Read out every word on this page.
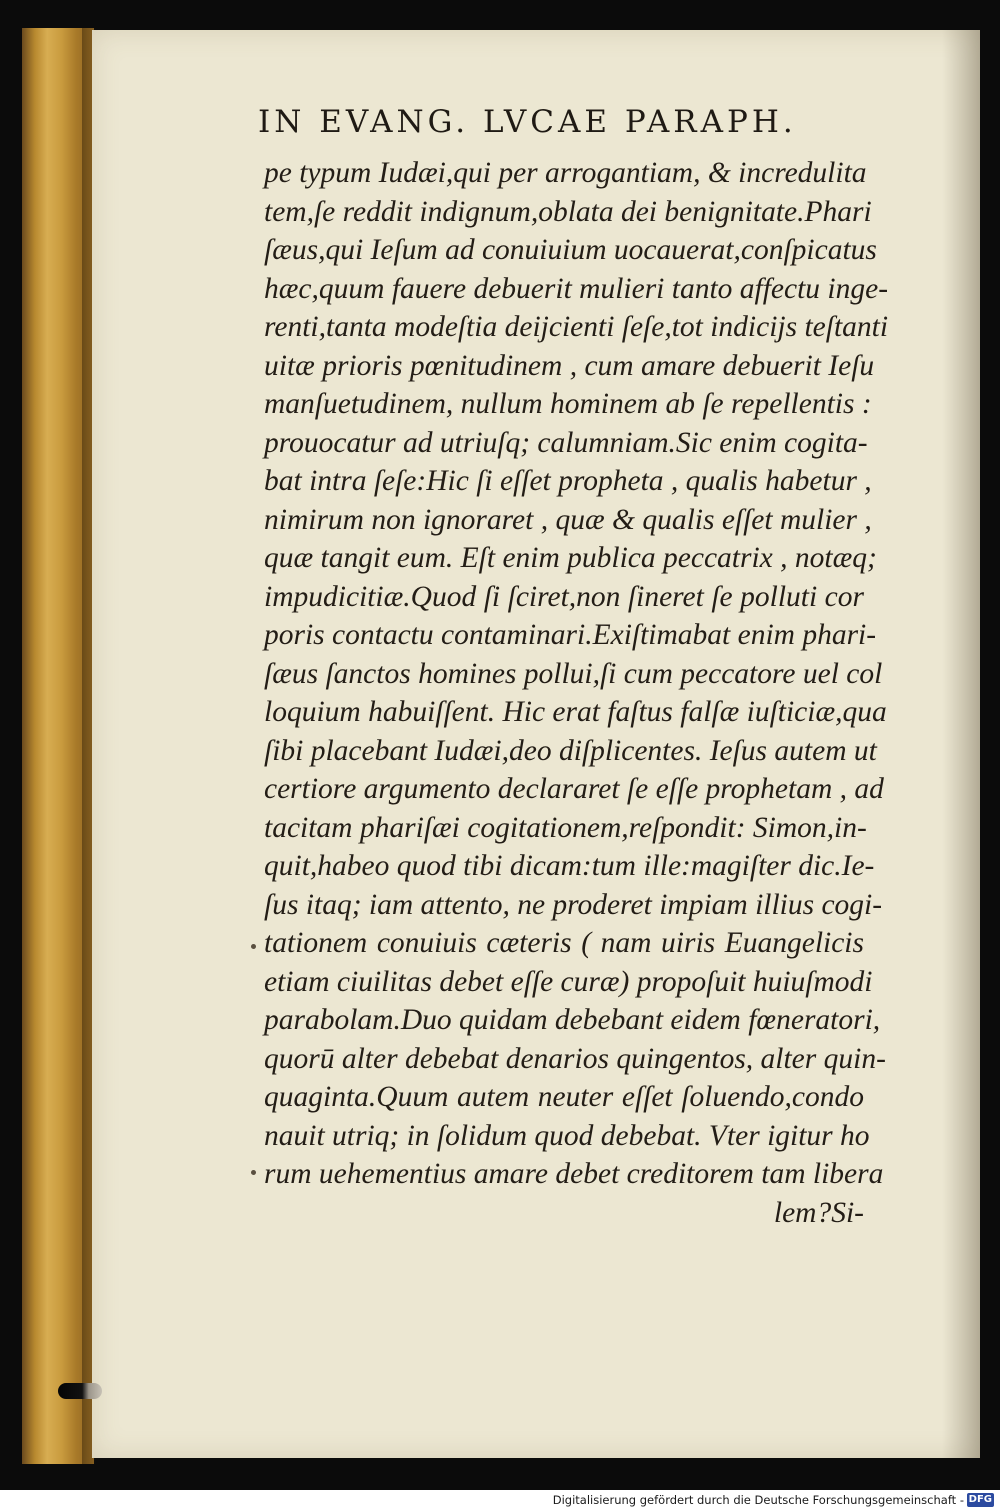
IN EVANG. LVCAE PARAPH.
pe typum Iudæi,qui per arrogantiam, & incredulita
tem,ſe reddit indignum,oblata dei benignitate.Phari
ſæus,qui Ieſum ad conuiuium uocauerat,conſpicatus
hæc,quum fauere debuerit mulieri tanto affectu inge-
renti,tanta modeſtia deijcienti ſeſe,tot indicijs teſtanti
uitæ prioris pœnitudinem , cum amare debuerit Ieſu
manſuetudinem, nullum hominem ab ſe repellentis :
prouocatur ad utriuſq; calumniam.Sic enim cogita-
bat intra ſeſe:Hic ſi eſſet propheta , qualis habetur ,
nimirum non ignoraret , quæ & qualis eſſet mulier ,
quæ tangit eum. Eſt enim publica peccatrix , notæq;
impudicitiæ.Quod ſi ſciret,non ſineret ſe polluti cor
poris contactu contaminari.Exiſtimabat enim phari-
ſæus ſanctos homines pollui,ſi cum peccatore uel col
loquium habuiſſent. Hic erat faſtus falſæ iuſticiæ,qua
ſibi placebant Iudæi,deo diſplicentes. Ieſus autem ut
certiore argumento declararet ſe eſſe prophetam , ad
tacitam phariſæi cogitationem,reſpondit: Simon,in-
quit,habeo quod tibi dicam:tum ille:magiſter dic.Ie-
ſus itaq; iam attento, ne proderet impiam illius cogi-
tationem conuiuis cæteris ( nam uiris Euangelicis
etiam ciuilitas debet eſſe curæ) propoſuit huiuſmodi
parabolam.Duo quidam debebant eidem fœneratori,
quorū alter debebat denarios quingentos, alter quin-
quaginta.Quum autem neuter eſſet ſoluendo,condo
nauit utriq; in ſolidum quod debebat. Vter igitur ho
rum uehementius amare debet creditorem tam libera
lem?Si-
Digitalisierung gefördert durch die Deutsche Forschungsgemeinschaft - DFG
